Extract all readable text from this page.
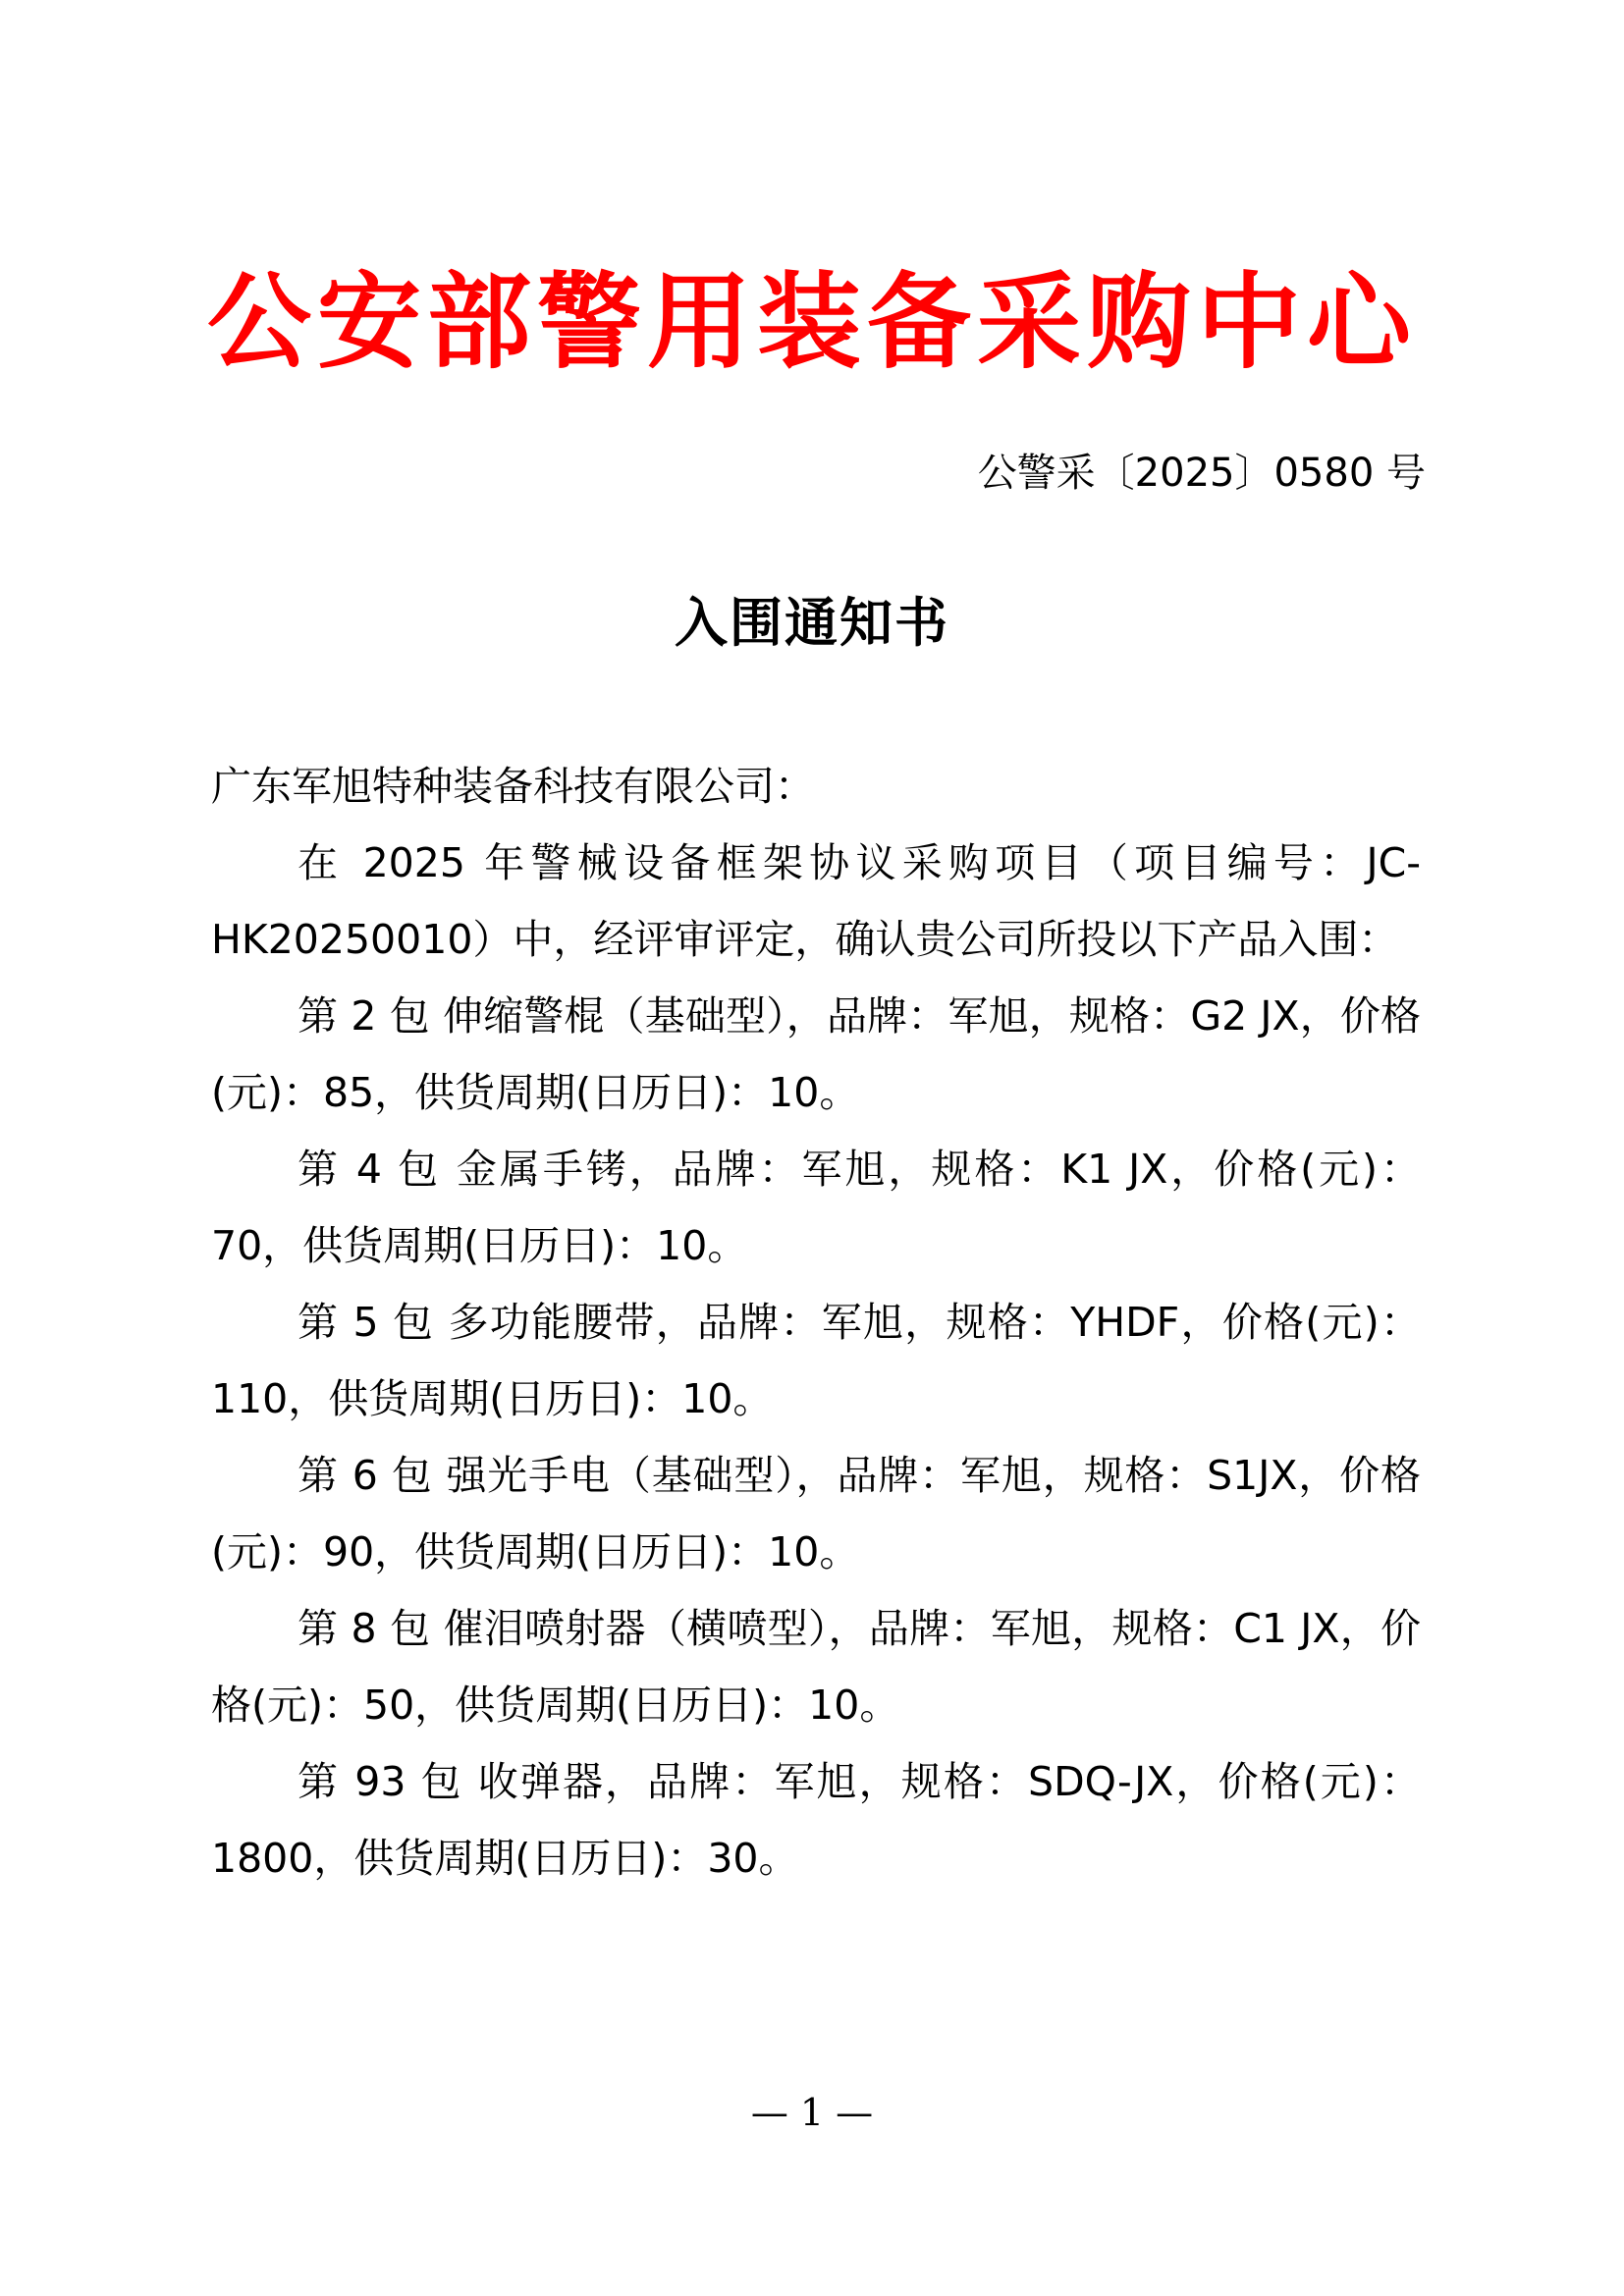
公安部警用装备采购中心
公警采〔2025〕0580 号
入围通知书

广东军旭特种装备科技有限公司：

在 2025 年警械设备框架协议采购项目（项目编号：JC-HK20250010）中，经评审评定，确认贵公司所投以下产品入围：

第 2 包 伸缩警棍（基础型），品牌：军旭，规格：G2 JX，价格(元)：85，供货周期(日历日)：10。

第 4 包 金属手铐，品牌：军旭，规格：K1 JX，价格(元)：70，供货周期(日历日)：10。

第 5 包 多功能腰带，品牌：军旭，规格：YHDF，价格(元)：110，供货周期(日历日)：10。

第 6 包 强光手电（基础型），品牌：军旭，规格：S1JX，价格(元)：90，供货周期(日历日)：10。

第 8 包 催泪喷射器（横喷型），品牌：军旭，规格：C1 JX，价格(元)：50，供货周期(日历日)：10。

第 93 包 收弹器，品牌：军旭，规格：SDQ-JX，价格(元)：1800，供货周期(日历日)：30。

— 1 —
